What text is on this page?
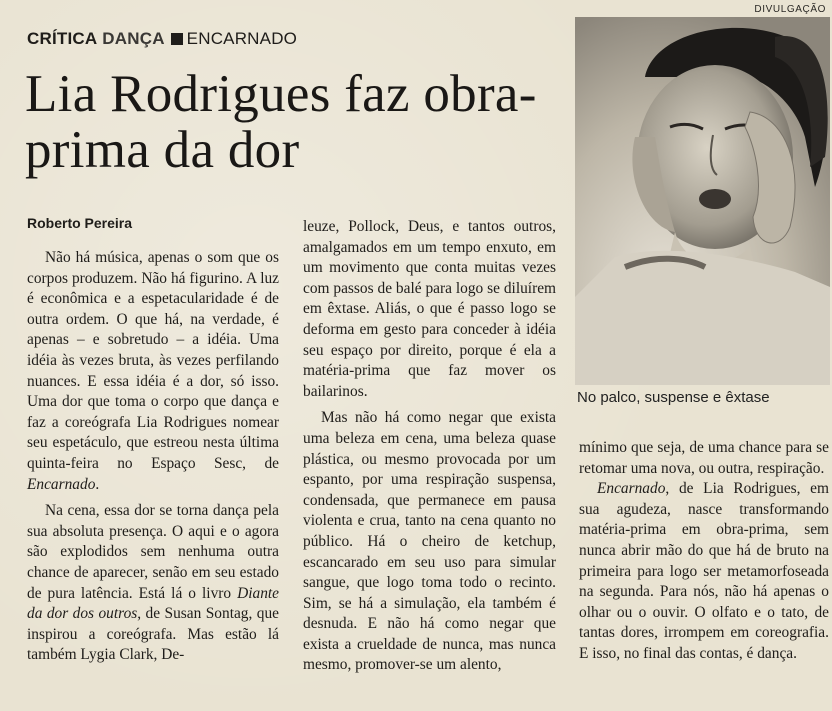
DIVULGAÇÃO
CRÍTICA DANÇA ENCARNADO
Lia Rodrigues faz obra-prima da dor
Roberto Pereira
No palco, suspense e êxtase

Não há música, apenas o som que os corpos produzem. Não há figurino. A luz é econômica e a espetacularidade é de outra ordem. O que há, na verdade, é apenas – e sobretudo – a idéia. Uma idéia às vezes bruta, às vezes perfilando nuances. E essa idéia é a dor, só isso. Uma dor que toma o corpo que dança e faz a coreógrafa Lia Rodrigues nomear seu espetáculo, que estreou nesta última quinta-feira no Espaço Sesc, de Encarnado.

Na cena, essa dor se torna dança pela sua absoluta presença. O aqui e o agora são explodidos sem nenhuma outra chance de aparecer, senão em seu estado de pura latência. Está lá o livro Diante da dor dos outros, de Susan Sontag, que inspirou a coreógrafa. Mas estão lá também Lygia Clark, De-

leuze, Pollock, Deus, e tantos outros, amalgamados em um tempo enxuto, em um movimento que conta muitas vezes com passos de balé para logo se diluírem em êxtase. Aliás, o que é passo logo se deforma em gesto para conceder à idéia seu espaço por direito, porque é ela a matéria-prima que faz mover os bailarinos.

Mas não há como negar que exista uma beleza em cena, uma beleza quase plástica, ou mesmo provocada por um espanto, por uma respiração suspensa, condensada, que permanece em pausa violenta e crua, tanto na cena quanto no público. Há o cheiro de ketchup, escancarado em seu uso para simular sangue, que logo toma todo o recinto. Sim, se há a simulação, ela também é desnuda. E não há como negar que exista a crueldade de nunca, mas nunca mesmo, promover-se um alento,

mínimo que seja, de uma chance para se retomar uma nova, ou outra, respiração.

Encarnado, de Lia Rodrigues, em sua agudeza, nasce transformando matéria-prima em obra-prima, sem nunca abrir mão do que há de bruto na primeira para logo ser metamorfoseada na segunda. Para nós, não há apenas o olhar ou o ouvir. O olfato e o tato, de tantas dores, irrompem em coreografia. E isso, no final das contas, é dança.
